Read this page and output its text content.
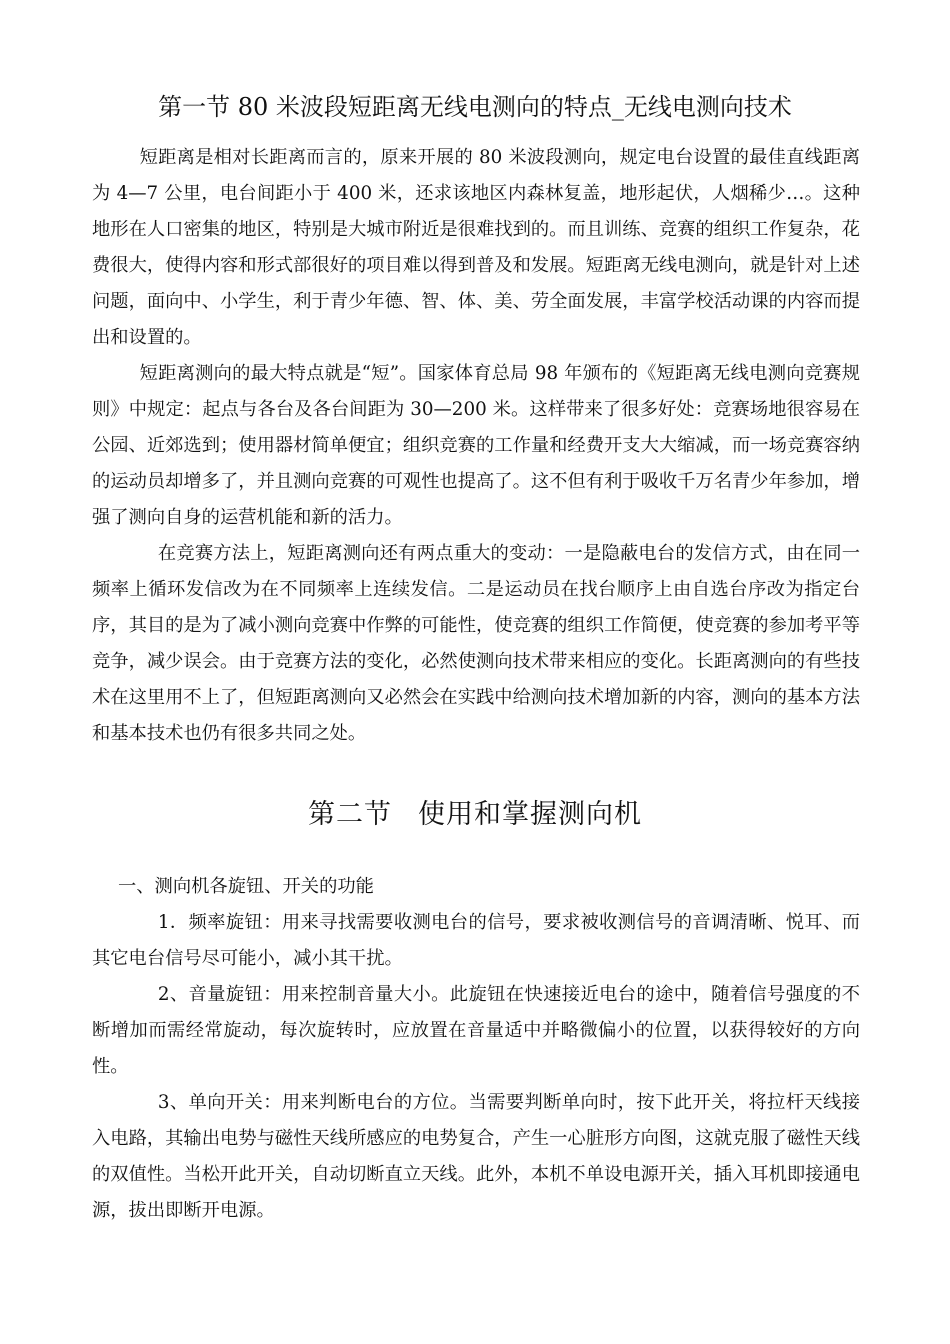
第一节 80 米波段短距离无线电测向的特点_无线电测向技术

短距离是相对长距离而言的，原来开展的 80 米波段测向，规定电台设置的最佳直线距离为 4—7 公里，电台间距小于 400 米，还求该地区内森林复盖，地形起伏，人烟稀少…。这种地形在人口密集的地区，特别是大城市附近是很难找到的。而且训练、竞赛的组织工作复杂，花费很大，使得内容和形式部很好的项目难以得到普及和发展。短距离无线电测向，就是针对上述问题，面向中、小学生，利于青少年德、智、体、美、劳全面发展，丰富学校活动课的内容而提出和设置的。

短距离测向的最大特点就是“短”。国家体育总局 98 年颁布的《短距离无线电测向竞赛规则》中规定：起点与各台及各台间距为 30—200 米。这样带来了很多好处：竞赛场地很容易在公园、近郊选到；使用器材简单便宜；组织竞赛的工作量和经费开支大大缩减，而一场竞赛容纳的运动员却增多了，并且测向竞赛的可观性也提高了。这不但有利于吸收千万名青少年参加，增强了测向自身的运营机能和新的活力。

在竞赛方法上，短距离测向还有两点重大的变动：一是隐蔽电台的发信方式，由在同一频率上循环发信改为在不同频率上连续发信。二是运动员在找台顺序上由自选台序改为指定台序，其目的是为了减小测向竞赛中作弊的可能性，使竞赛的组织工作简便，使竞赛的参加考平等竞争，减少误会。由于竞赛方法的变化，必然使测向技术带来相应的变化。长距离测向的有些技术在这里用不上了，但短距离测向又必然会在实践中给测向技术增加新的内容，测向的基本方法和基本技术也仍有很多共同之处。

第二节 使用和掌握测向机
一、测向机各旋钮、开关的功能

1．频率旋钮：用来寻找需要收测电台的信号，要求被收测信号的音调清晰、悦耳、而其它电台信号尽可能小，减小其干扰。

2、音量旋钮：用来控制音量大小。此旋钮在快速接近电台的途中，随着信号强度的不断增加而需经常旋动，每次旋转时，应放置在音量适中并略微偏小的位置，以获得较好的方向性。

3、单向开关：用来判断电台的方位。当需要判断单向时，按下此开关，将拉杆天线接入电路，其输出电势与磁性天线所感应的电势复合，产生一心脏形方向图，这就克服了磁性天线的双值性。当松开此开关，自动切断直立天线。此外，本机不单设电源开关，插入耳机即接通电源，拔出即断开电源。
